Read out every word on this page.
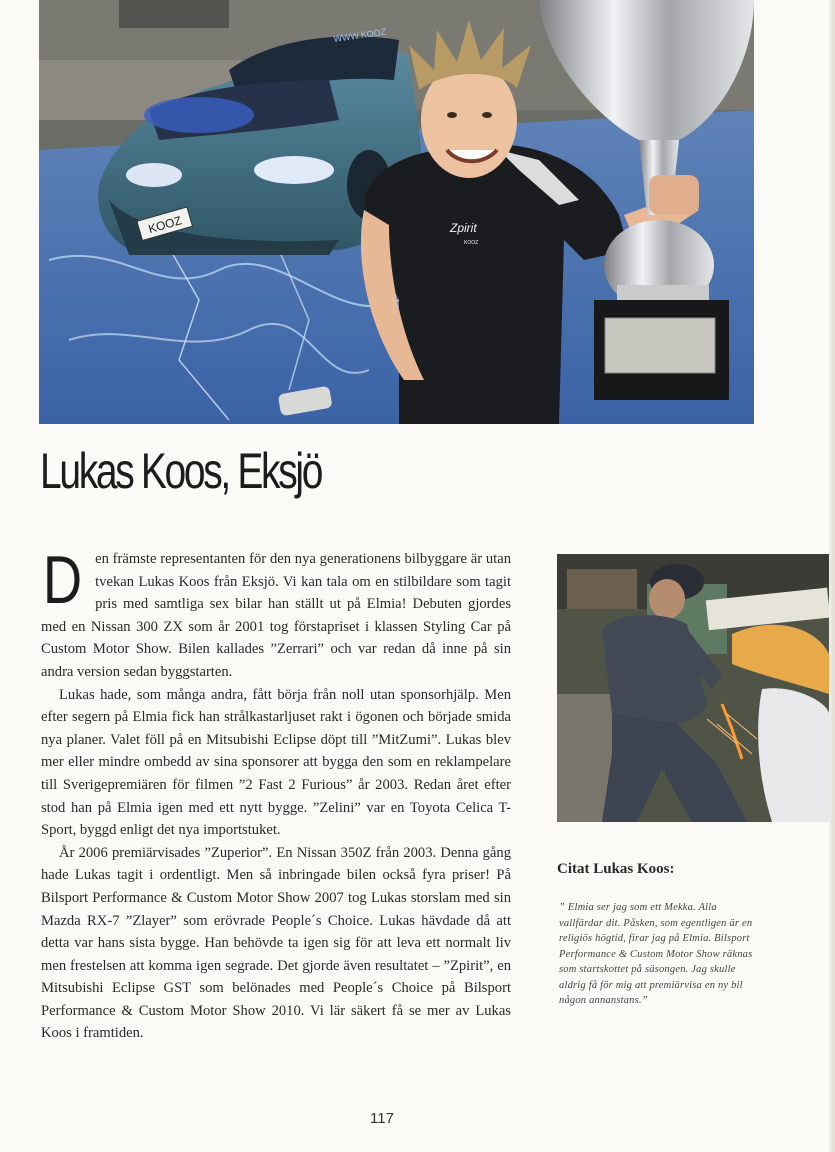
KOOZ
WWW.KOOZ
Zpirit
KOOZ
Lukas Koos, Eksjö

Den främste representanten för den nya generationens bilbyggare är utan tvekan Lukas Koos från Eksjö. Vi kan tala om en stilbildare som tagit pris med samtliga sex bilar han ställt ut på Elmia! Debuten gjordes med en Nissan 300 ZX som år 2001 tog förstapriset i klassen Styling Car på Custom Motor Show. Bilen kallades ”Zerrari” och var redan då inne på sin andra version sedan byggstarten.

Lukas hade, som många andra, fått börja från noll utan sponsorhjälp. Men efter segern på Elmia fick han strålkastarljuset rakt i ögonen och började smida nya planer. Valet föll på en Mitsubishi Eclipse döpt till ”MitZumi”. Lukas blev mer eller mindre ombedd av sina sponsorer att bygga den som en reklampelare till Sverigepremiären för filmen ”2 Fast 2 Furious” år 2003. Redan året efter stod han på Elmia igen med ett nytt bygge. ”Zelini” var en Toyota Celica T-Sport, byggd enligt det nya importstuket.

År 2006 premiärvisades ”Zuperior”. En Nissan 350Z från 2003. Denna gång hade Lukas tagit i ordentligt. Men så inbringade bilen också fyra priser! På Bilsport Performance & Custom Motor Show 2007 tog Lukas storslam med sin Mazda RX-7 ”Zlayer” som erövrade People´s Choice. Lukas hävdade då att detta var hans sista bygge. Han behövde ta igen sig för att leva ett normalt liv men frestelsen att komma igen segrade. Det gjorde även resultatet – ”Zpirit”, en Mitsubishi Eclipse GST som belönades med People´s Choice på Bilsport Performance & Custom Motor Show 2010. Vi lär säkert få se mer av Lukas Koos i framtiden.

Citat Lukas Koos:

” Elmia ser jag som ett Mekka. Alla vallfärdar dit. Påsken, som egentligen är en religiös högtid, firar jag på Elmia. Bilsport Performance & Custom Motor Show räknas som startskottet på säsongen. Jag skulle aldrig få för mig att premiärvisa en ny bil någon annanstans.”

117
